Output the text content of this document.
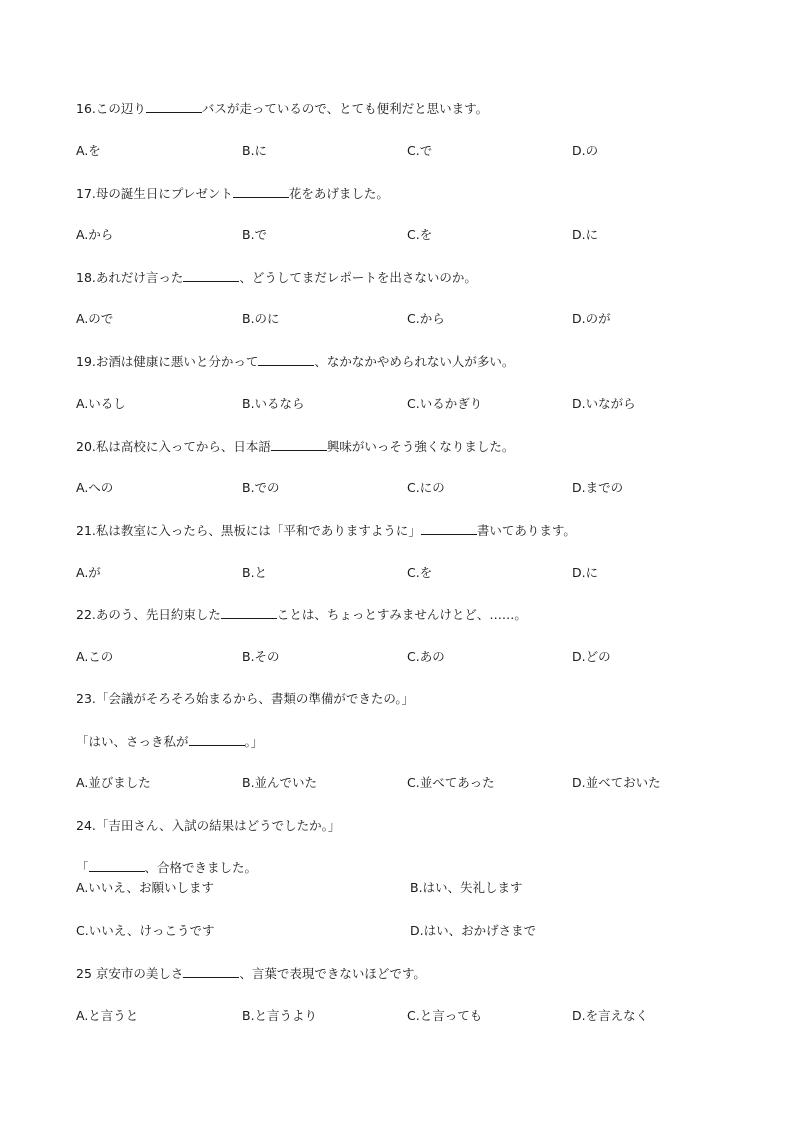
16.この辺り	バスが走っているので、とても便利だと思います。
A.を	B.に	C.で	D.の
17.母の誕生日にプレゼント	花をあげました。
A.から	B.で	C.を	D.に
18.あれだけ言った	、どうしてまだレポートを出さないのか。
A.ので	B.のに	C.から	D.のが
19.お酒は健康に悪いと分かって	、なかなかやめられない人が多い。
A.いるし	B.いるなら	C.いるかぎり	D.いながら
20.私は高校に入ってから、日本語	興味がいっそう強くなりました。
A.への	B.での	C.にの	D.までの
21.私は教室に入ったら、黒板には「平和でありますように」	書いてあります。
A.が	B.と	C.を	D.に
22.あのう、先日約束した	ことは、ちょっとすみませんけとど、……。
A.この	B.その	C.あの	D.どの
23.「会議がそろそろ始まるから、書類の準備ができたの。」
「はい、さっき私が	。」
A.並びました	B.並んでいた	C.並べてあった	D.並べておいた
24.「吉田さん、入試の結果はどうでしたか。」
「	、合格できました。
A.いいえ、お願いします	B.はい、失礼します
C.いいえ、けっこうです	D.はい、おかげさまで
25 京安市の美しさ	、言葉で表現できないほどです。
A.と言うと	B.と言うより	C.と言っても	D.を言えなく
